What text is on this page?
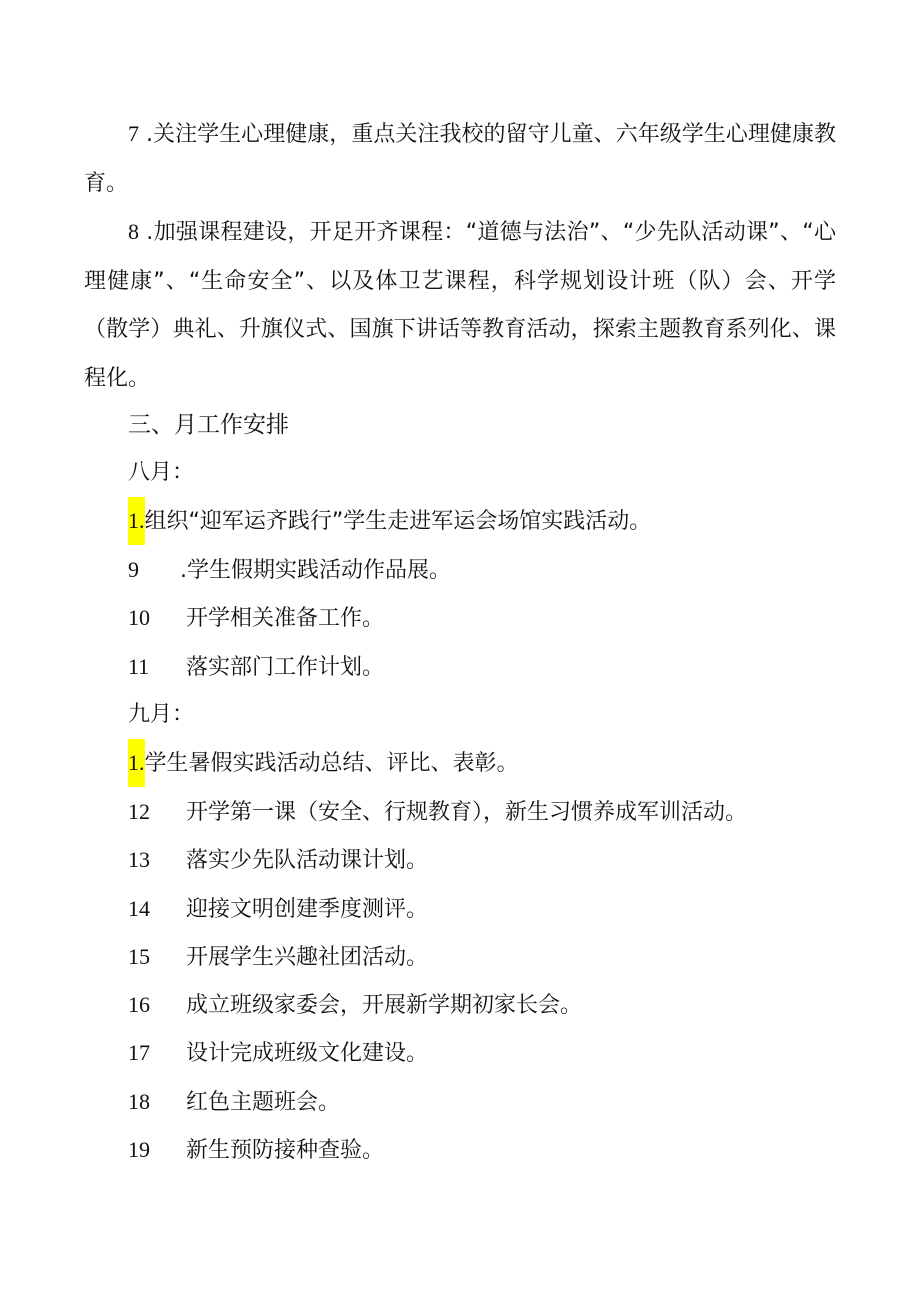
7 .关注学生心理健康，重点关注我校的留守儿童、六年级学生心理健康教育。

8 .加强课程建设，开足开齐课程：“道德与法治”、“少先队活动课”、“心理健康”、“生命安全”、以及体卫艺课程，科学规划设计班（队）会、开学（散学）典礼、升旗仪式、国旗下讲话等教育活动，探索主题教育系列化、课程化。

三、月工作安排

八月：

1.组织“迎军运齐践行”学生走进军运会场馆实践活动。
9 .学生假期实践活动作品展。
10 开学相关准备工作。
11 落实部门工作计划。

九月：

1.学生暑假实践活动总结、评比、表彰。
12 开学第一课（安全、行规教育），新生习惯养成军训活动。
13 落实少先队活动课计划。
14 迎接文明创建季度测评。
15 开展学生兴趣社团活动。
16 成立班级家委会，开展新学期初家长会。
17 设计完成班级文化建设。
18 红色主题班会。
19 新生预防接种查验。
